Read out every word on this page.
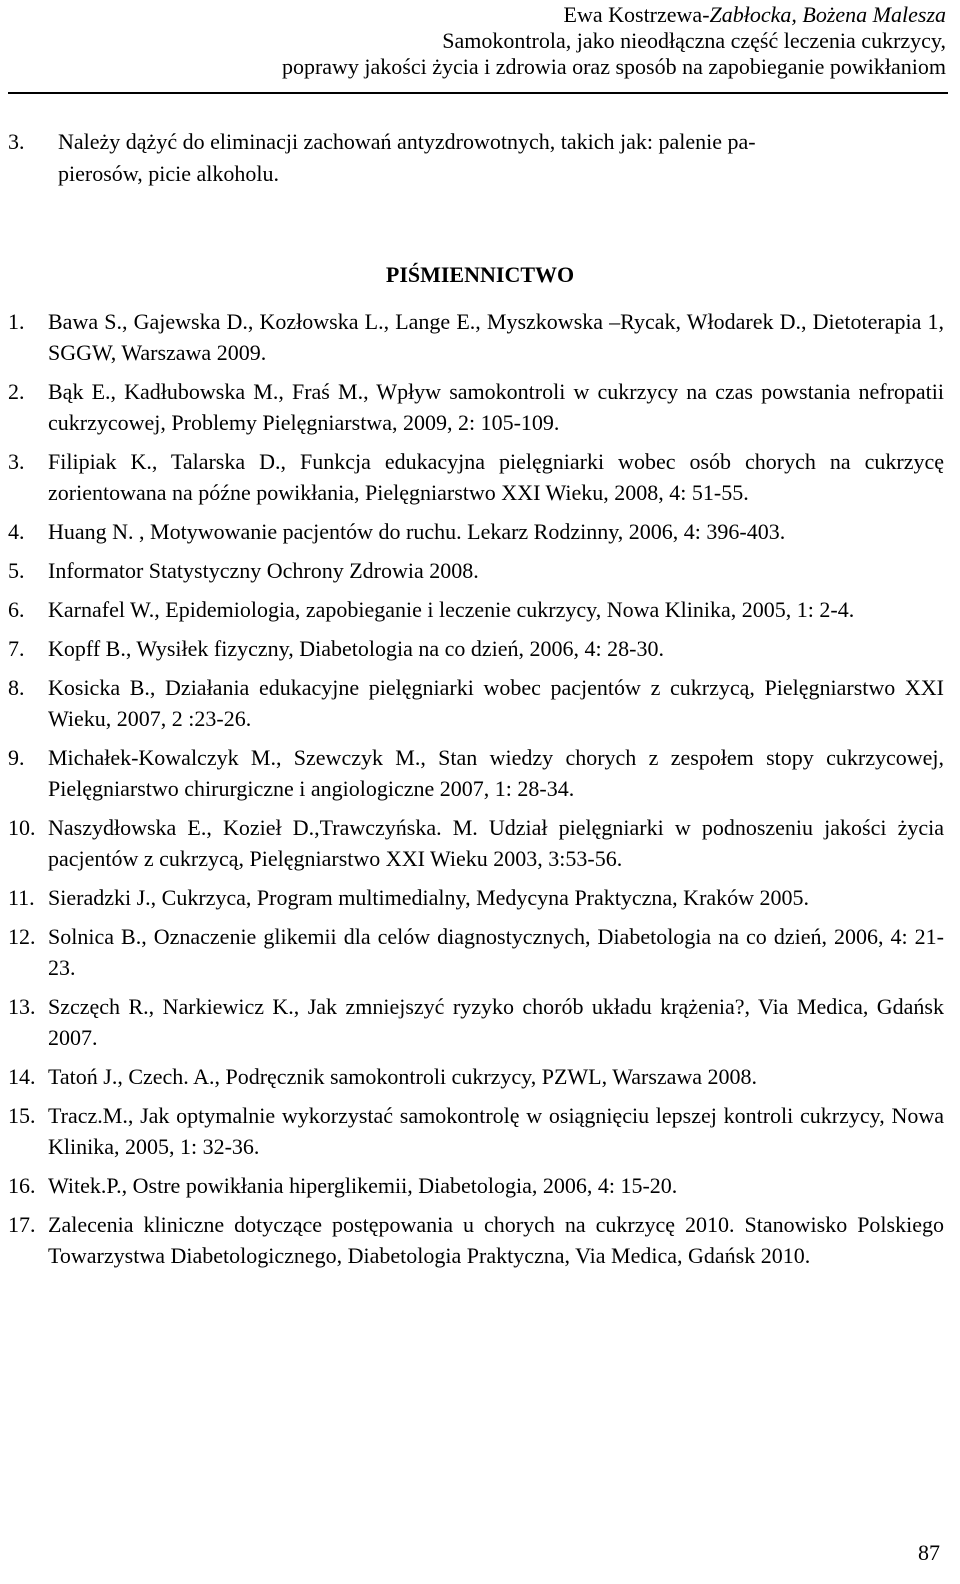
Ewa Kostrzewa-Zabłocka, Bożena Malesza
Samokontrola, jako nieodłączna część leczenia cukrzycy,
poprawy jakości życia i zdrowia oraz sposób na zapobieganie powikłaniom
3.	Należy dążyć do eliminacji zachowań antyzdrowotnych, takich jak: palenie pa-
pierosów, picie alkoholu.
PIŚMIENNICTWO
1. Bawa S., Gajewska D., Kozłowska L., Lange E., Myszkowska –Rycak, Włodarek D., Dietoterapia 1, SGGW, Warszawa 2009.
2. Bąk E., Kadłubowska M., Fraś M., Wpływ samokontroli w cukrzycy na czas powstania nefropatii cukrzycowej, Problemy Pielęgniarstwa, 2009, 2: 105-109.
3. Filipiak K., Talarska D., Funkcja edukacyjna pielęgniarki wobec osób chorych na cukrzycę zorientowana na późne powikłania, Pielęgniarstwo XXI Wieku, 2008, 4: 51-55.
4. Huang N. , Motywowanie pacjentów do ruchu. Lekarz Rodzinny, 2006, 4: 396-403.
5. Informator Statystyczny Ochrony Zdrowia 2008.
6. Karnafel W., Epidemiologia, zapobieganie i leczenie cukrzycy, Nowa Klinika, 2005, 1: 2-4.
7. Kopff B., Wysiłek fizyczny, Diabetologia na co dzień, 2006, 4: 28-30.
8. Kosicka B., Działania edukacyjne pielęgniarki wobec pacjentów z cukrzycą, Pielęgniarstwo XXI Wieku, 2007, 2 :23-26.
9. Michałek-Kowalczyk M., Szewczyk M., Stan wiedzy chorych z zespołem stopy cukrzycowej, Pielęgniarstwo chirurgiczne i angiologiczne 2007, 1: 28-34.
10. Naszydłowska E., Kozieł D.,Trawczyńska. M. Udział pielęgniarki w podnoszeniu jakości życia pacjentów z cukrzycą, Pielęgniarstwo XXI Wieku 2003, 3:53-56.
11. Sieradzki J., Cukrzyca, Program multimedialny, Medycyna Praktyczna, Kraków 2005.
12. Solnica B., Oznaczenie glikemii dla celów diagnostycznych, Diabetologia na co dzień, 2006, 4: 21-23.
13. Szczęch R., Narkiewicz K., Jak zmniejszyć ryzyko chorób układu krążenia?, Via Medica, Gdańsk 2007.
14. Tatoń J., Czech. A., Podręcznik samokontroli cukrzycy, PZWL, Warszawa 2008.
15. Tracz.M., Jak optymalnie wykorzystać samokontrolę w osiągnięciu lepszej kontroli cukrzycy, Nowa Klinika, 2005, 1: 32-36.
16. Witek.P., Ostre powikłania hiperglikemii, Diabetologia, 2006, 4: 15-20.
17. Zalecenia kliniczne dotyczące postępowania u chorych na cukrzycę 2010. Stanowisko Polskiego Towarzystwa Diabetologicznego, Diabetologia Praktyczna, Via Medica, Gdańsk 2010.
87
